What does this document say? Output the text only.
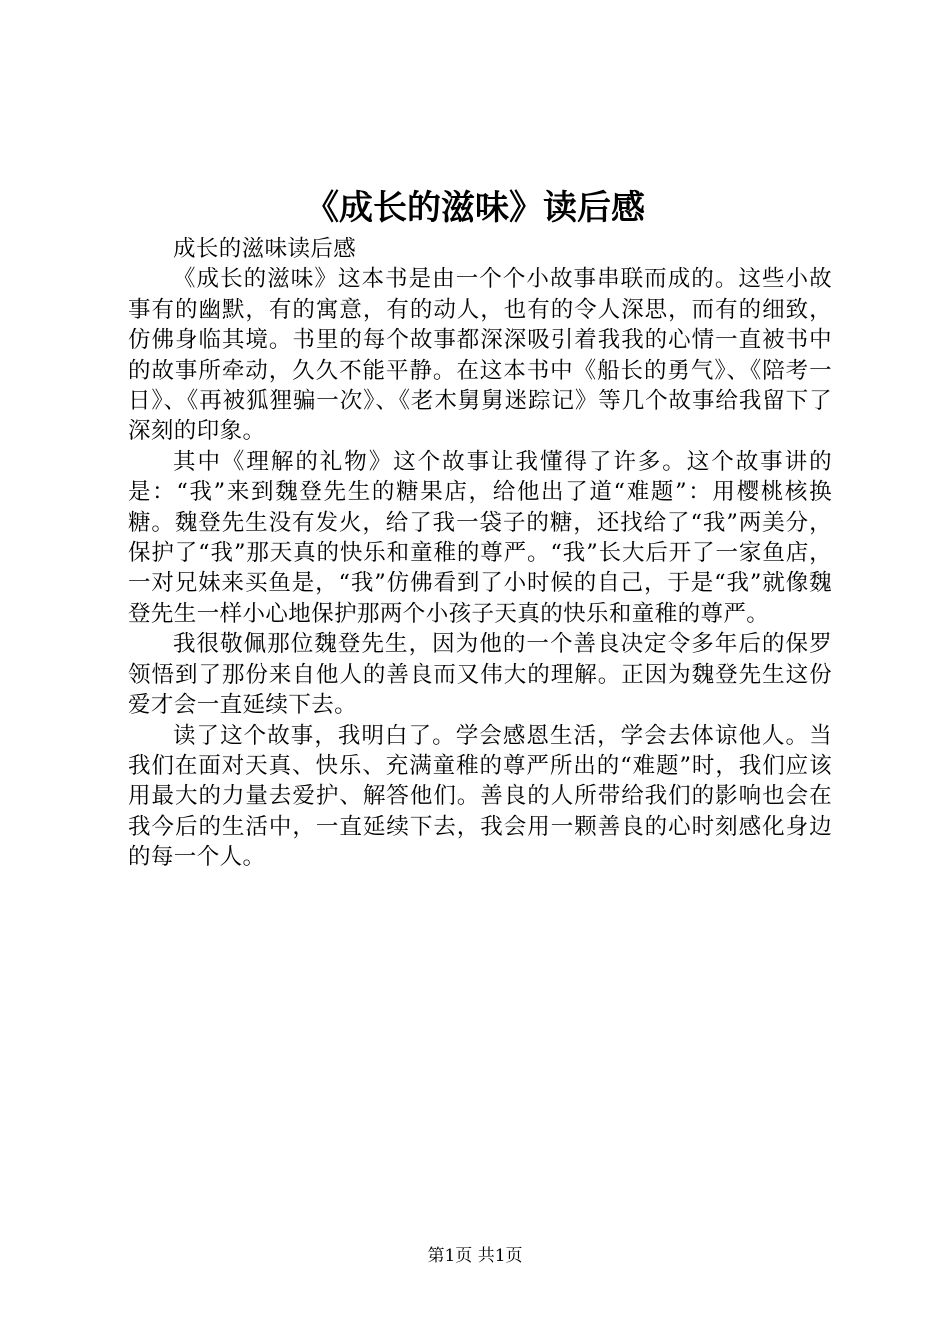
《成长的滋味》读后感

成长的滋味读后感

《成长的滋味》这本书是由一个个小故事串联而成的。这些小故事有的幽默，有的寓意，有的动人，也有的令人深思，而有的细致，仿佛身临其境。书里的每个故事都深深吸引着我我的心情一直被书中的故事所牵动，久久不能平静。在这本书中《船长的勇气》、《陪考一日》、《再被狐狸骗一次》、《老木舅舅迷踪记》等几个故事给我留下了深刻的印象。

其中《理解的礼物》这个故事让我懂得了许多。这个故事讲的是：“我”来到魏登先生的糖果店，给他出了道“难题”：用樱桃核换糖。魏登先生没有发火，给了我一袋子的糖，还找给了“我”两美分，保护了“我”那天真的快乐和童稚的尊严。“我”长大后开了一家鱼店，一对兄妹来买鱼是，“我”仿佛看到了小时候的自己，于是“我”就像魏登先生一样小心地保护那两个小孩子天真的快乐和童稚的尊严。

我很敬佩那位魏登先生，因为他的一个善良决定令多年后的保罗领悟到了那份来自他人的善良而又伟大的理解。正因为魏登先生这份爱才会一直延续下去。

读了这个故事，我明白了。学会感恩生活，学会去体谅他人。当我们在面对天真、快乐、充满童稚的尊严所出的“难题”时，我们应该用最大的力量去爱护、解答他们。善良的人所带给我们的影响也会在我今后的生活中，一直延续下去，我会用一颗善良的心时刻感化身边的每一个人。

第1页 共1页
